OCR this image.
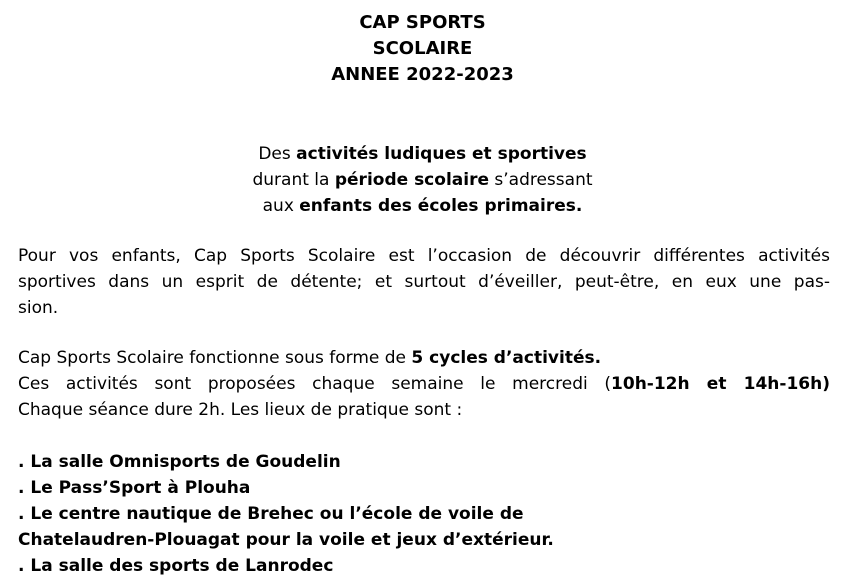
CAP SPORTS
SCOLAIRE
ANNEE 2022-2023
Des activités ludiques et sportives
durant la période scolaire s’adressant
aux enfants des écoles primaires.
Pour vos enfants, Cap Sports Scolaire est l’occasion de découvrir différentes activités
sportives dans un esprit de détente; et surtout d’éveiller, peut-être, en eux une pas-
sion.
Cap Sports Scolaire fonctionne sous forme de 5 cycles d’activités.
Ces activités sont proposées chaque semaine le mercredi (10h-12h et 14h-16h)
Chaque séance dure 2h. Les lieux de pratique sont :
. La salle Omnisports de Goudelin
. Le Pass’Sport à Plouha
. Le centre nautique de Brehec ou l’école de voile de
Chatelaudren-Plouagat pour la voile et jeux d’extérieur.
. La salle des sports de Lanrodec
